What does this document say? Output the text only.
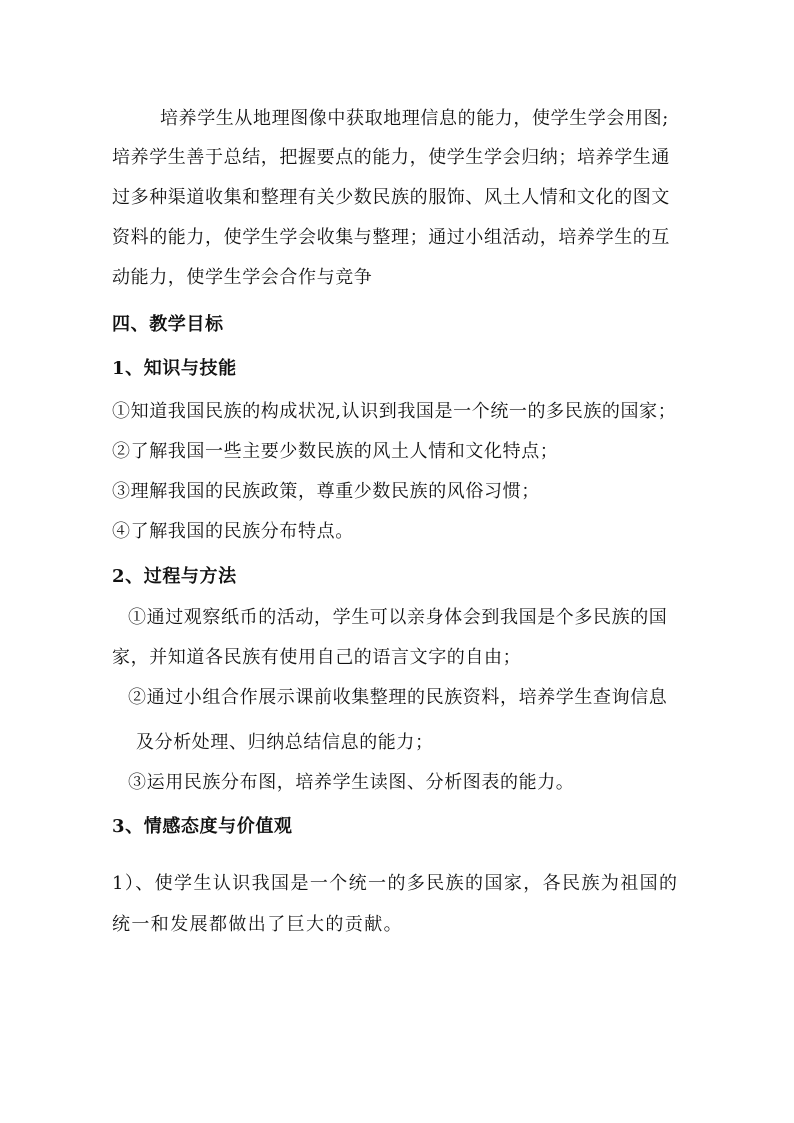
培养学生从地理图像中获取地理信息的能力，使学生学会用图;
培养学生善于总结，把握要点的能力，使学生学会归纳；培养学生通
过多种渠道收集和整理有关少数民族的服饰、风土人情和文化的图文
资料的能力，使学生学会收集与整理；通过小组活动，培养学生的互
动能力，使学生学会合作与竞争
四、教学目标
1、知识与技能
①知道我国民族的构成状况,认识到我国是一个统一的多民族的国家；
②了解我国一些主要少数民族的风土人情和文化特点；
③理解我国的民族政策，尊重少数民族的风俗习惯；
④了解我国的民族分布特点。
2、过程与方法
①通过观察纸币的活动，学生可以亲身体会到我国是个多民族的国
家，并知道各民族有使用自己的语言文字的自由；
②通过小组合作展示课前收集整理的民族资料，培养学生查询信息
及分析处理、归纳总结信息的能力；
③运用民族分布图，培养学生读图、分析图表的能力。
3、情感态度与价值观
1）、使学生认识我国是一个统一的多民族的国家，各民族为祖国的
统一和发展都做出了巨大的贡献。
